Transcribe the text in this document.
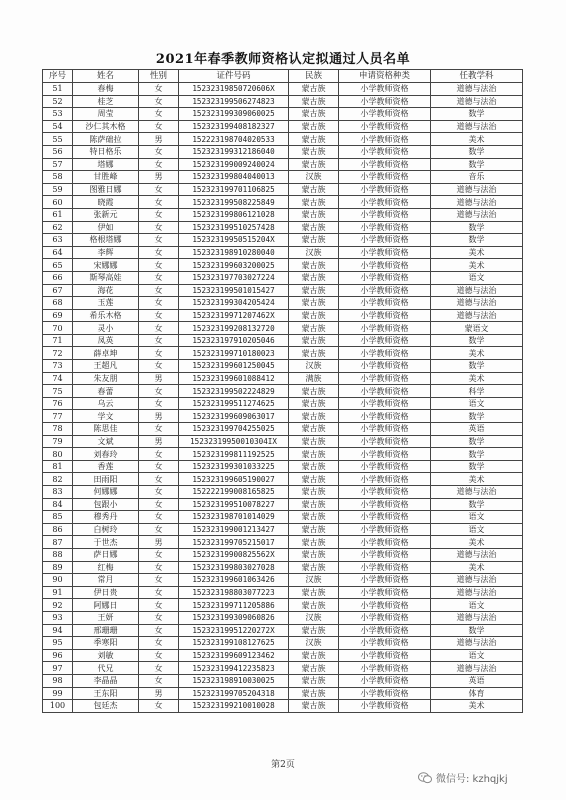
2021年春季教师资格认定拟通过人员名单
序号	姓名	性别	证件号码	民族	申请资格种类	任教学科
51	春梅	女	15232319850720606X	蒙古族	小学教师资格	道德与法治
52	桂芝	女	152323199506274823	蒙古族	小学教师资格	道德与法治
53	周莹	女	152323199309060025	蒙古族	小学教师资格	数学
54	沙仁其木格	女	152323199408182327	蒙古族	小学教师资格	道德与法治
55	陈萨础拉	男	152223198704020533	蒙古族	小学教师资格	美术
56	特日格乐	女	152323199312186040	蒙古族	小学教师资格	数学
57	塔娜	女	152323199009240024	蒙古族	小学教师资格	数学
58	甘胜峰	男	152323199804040013	汉族	小学教师资格	音乐
59	图雅日娜	女	152323199701106825	蒙古族	小学教师资格	道德与法治
60	晓霞	女	152323199508225849	蒙古族	小学教师资格	道德与法治
61	张新元	女	152323199806121028	蒙古族	小学教师资格	道德与法治
62	伊如	女	152323199510257428	蒙古族	小学教师资格	数学
63	格根塔娜	女	15232319950515204X	蒙古族	小学教师资格	数学
64	李辉	女	152323198910280040	汉族	小学教师资格	美术
65	宋娜娜	女	152323199603200025	蒙古族	小学教师资格	美术
66	斯琴高娃	女	152323197703027224	蒙古族	小学教师资格	语文
67	海花	女	152323199501015427	蒙古族	小学教师资格	道德与法治
68	玉莲	女	152323199304205424	蒙古族	小学教师资格	道德与法治
69	希乐木格	女	15232319971207462X	蒙古族	小学教师资格	道德与法治
70	灵小	女	152323199208132720	蒙古族	小学教师资格	蒙语文
71	凤英	女	152323197910205046	蒙古族	小学教师资格	数学
72	薛卓坤	女	152323199710180023	蒙古族	小学教师资格	美术
73	王超凡	女	152323199601250045	汉族	小学教师资格	数学
74	朱友朋	男	152323199601088412	满族	小学教师资格	美术
75	春蕾	女	152323199502224829	蒙古族	小学教师资格	科学
76	乌云	女	152323199511274625	蒙古族	小学教师资格	语文
77	学文	男	152323199609063017	蒙古族	小学教师资格	数学
78	陈思佳	女	152323199704255025	蒙古族	小学教师资格	英语
79	文斌	男	15232319950010304IX	蒙古族	小学教师资格	数学
80	刘春玲	女	152323199811192525	蒙古族	小学教师资格	数学
81	香莲	女	152323199301033225	蒙古族	小学教师资格	数学
82	田雨阳	女	152323199605190027	蒙古族	小学教师资格	美术
83	何娜娜	女	152222199008165825	蒙古族	小学教师资格	道德与法治
84	包跟小	女	152323199510078227	蒙古族	小学教师资格	数学
85	穆秀丹	女	152323198701014029	蒙古族	小学教师资格	语文
86	白树玲	女	152323199001213427	蒙古族	小学教师资格	语文
87	于世杰	男	152323199705215017	蒙古族	小学教师资格	美术
88	萨日娜	女	15232319900825562X	蒙古族	小学教师资格	道德与法治
89	红梅	女	152323199803027028	蒙古族	小学教师资格	美术
90	常月	女	152323199601063426	汉族	小学教师资格	道德与法治
91	伊日贵	女	152323198803077223	蒙古族	小学教师资格	道德与法治
92	阿娜日	女	152323199711205886	蒙古族	小学教师资格	语文
93	王妍	女	152323199309060826	汉族	小学教师资格	道德与法治
94	邢珊珊	女	15232319951220272X	蒙古族	小学教师资格	数学
95	季寒阳	女	152323199108127625	汉族	小学教师资格	道德与法治
96	刘敏	女	152323199609123462	蒙古族	小学教师资格	语文
97	代兄	女	152323199412235823	蒙古族	小学教师资格	道德与法治
98	李晶晶	女	152323198910030025	蒙古族	小学教师资格	英语
99	王东阳	男	152323199705204318	蒙古族	小学教师资格	体育
100	包廷杰	女	152323199210010028	蒙古族	小学教师资格	美术
第2页
微信号: kzhqjkj
